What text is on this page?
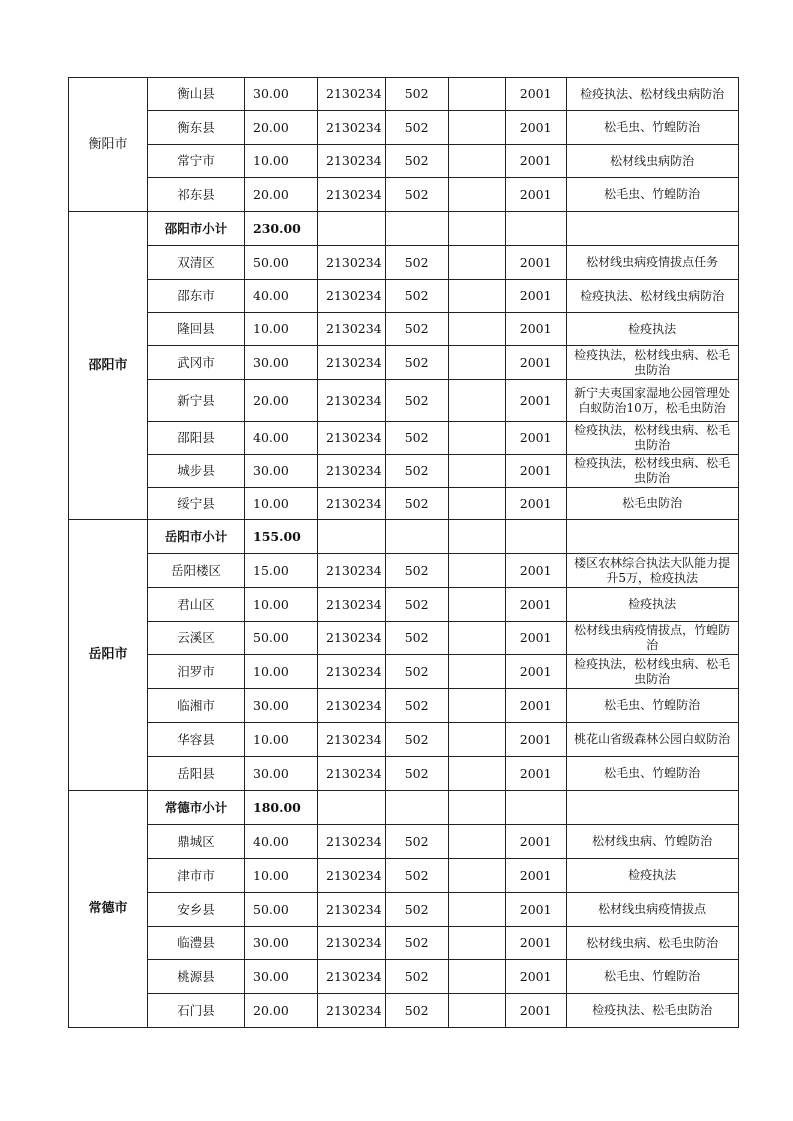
衡阳市	衡山县	30.00	2130234	502		2001	检疫执法、松材线虫病防治
	衡东县	20.00	2130234	502		2001	松毛虫、竹蝗防治
	常宁市	10.00	2130234	502		2001	松材线虫病防治
	祁东县	20.00	2130234	502		2001	松毛虫、竹蝗防治
邵阳市	邵阳市小计	230.00					
	双清区	50.00	2130234	502		2001	松材线虫病疫情拔点任务
	邵东市	40.00	2130234	502		2001	检疫执法、松材线虫病防治
	隆回县	10.00	2130234	502		2001	检疫执法
	武冈市	30.00	2130234	502		2001	检疫执法，松材线虫病、松毛虫防治
	新宁县	20.00	2130234	502		2001	新宁夫夷国家湿地公园管理处白蚁防治10万，松毛虫防治
	邵阳县	40.00	2130234	502		2001	检疫执法，松材线虫病、松毛虫防治
	城步县	30.00	2130234	502		2001	检疫执法，松材线虫病、松毛虫防治
	绥宁县	10.00	2130234	502		2001	松毛虫防治
岳阳市	岳阳市小计	155.00					
	岳阳楼区	15.00	2130234	502		2001	楼区农林综合执法大队能力提升5万，检疫执法
	君山区	10.00	2130234	502		2001	检疫执法
	云溪区	50.00	2130234	502		2001	松材线虫病疫情拔点，竹蝗防治
	汨罗市	10.00	2130234	502		2001	检疫执法，松材线虫病、松毛虫防治
	临湘市	30.00	2130234	502		2001	松毛虫、竹蝗防治
	华容县	10.00	2130234	502		2001	桃花山省级森林公园白蚁防治
	岳阳县	30.00	2130234	502		2001	松毛虫、竹蝗防治
常德市	常德市小计	180.00					
	鼎城区	40.00	2130234	502		2001	松材线虫病、竹蝗防治
	津市市	10.00	2130234	502		2001	检疫执法
	安乡县	50.00	2130234	502		2001	松材线虫病疫情拔点
	临澧县	30.00	2130234	502		2001	松材线虫病、松毛虫防治
	桃源县	30.00	2130234	502		2001	松毛虫、竹蝗防治
	石门县	20.00	2130234	502		2001	检疫执法、松毛虫防治
